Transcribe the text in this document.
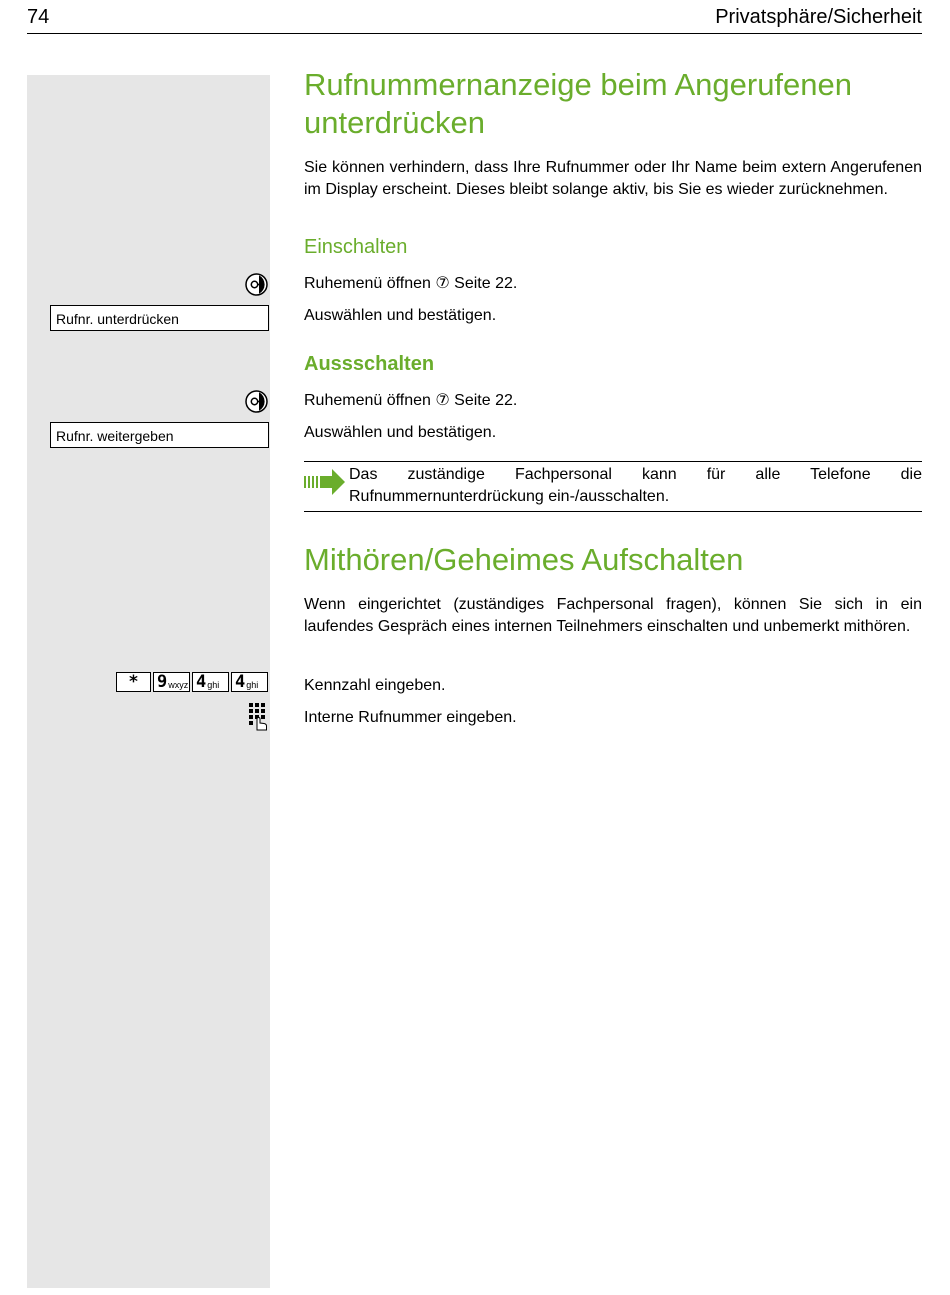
74	Privatsphäre/Sicherheit
Rufnummernanzeige beim Angerufenen unterdrücken
Sie können verhindern, dass Ihre Rufnummer oder Ihr Name beim extern Angerufenen im Display erscheint. Dieses bleibt solange aktiv, bis Sie es wieder zurücknehmen.
Einschalten
Ruhemenü öffnen ⑦ Seite 22.
Rufnr. unterdrücken	Auswählen und bestätigen.
Aussschalten
Ruhemenü öffnen ⑦ Seite 22.
Rufnr. weitergeben	Auswählen und bestätigen.
Das zuständige Fachpersonal kann für alle Telefone die Rufnummernunterdrückung ein-/ausschalten.
Mithören/Geheimes Aufschalten
Wenn eingerichtet (zuständiges Fachpersonal fragen), können Sie sich in ein laufendes Gespräch eines internen Teilnehmers einschalten und unbemerkt mithören.
* 9 wxyz 4 ghi 4 ghi	Kennzahl eingeben.
Interne Rufnummer eingeben.
